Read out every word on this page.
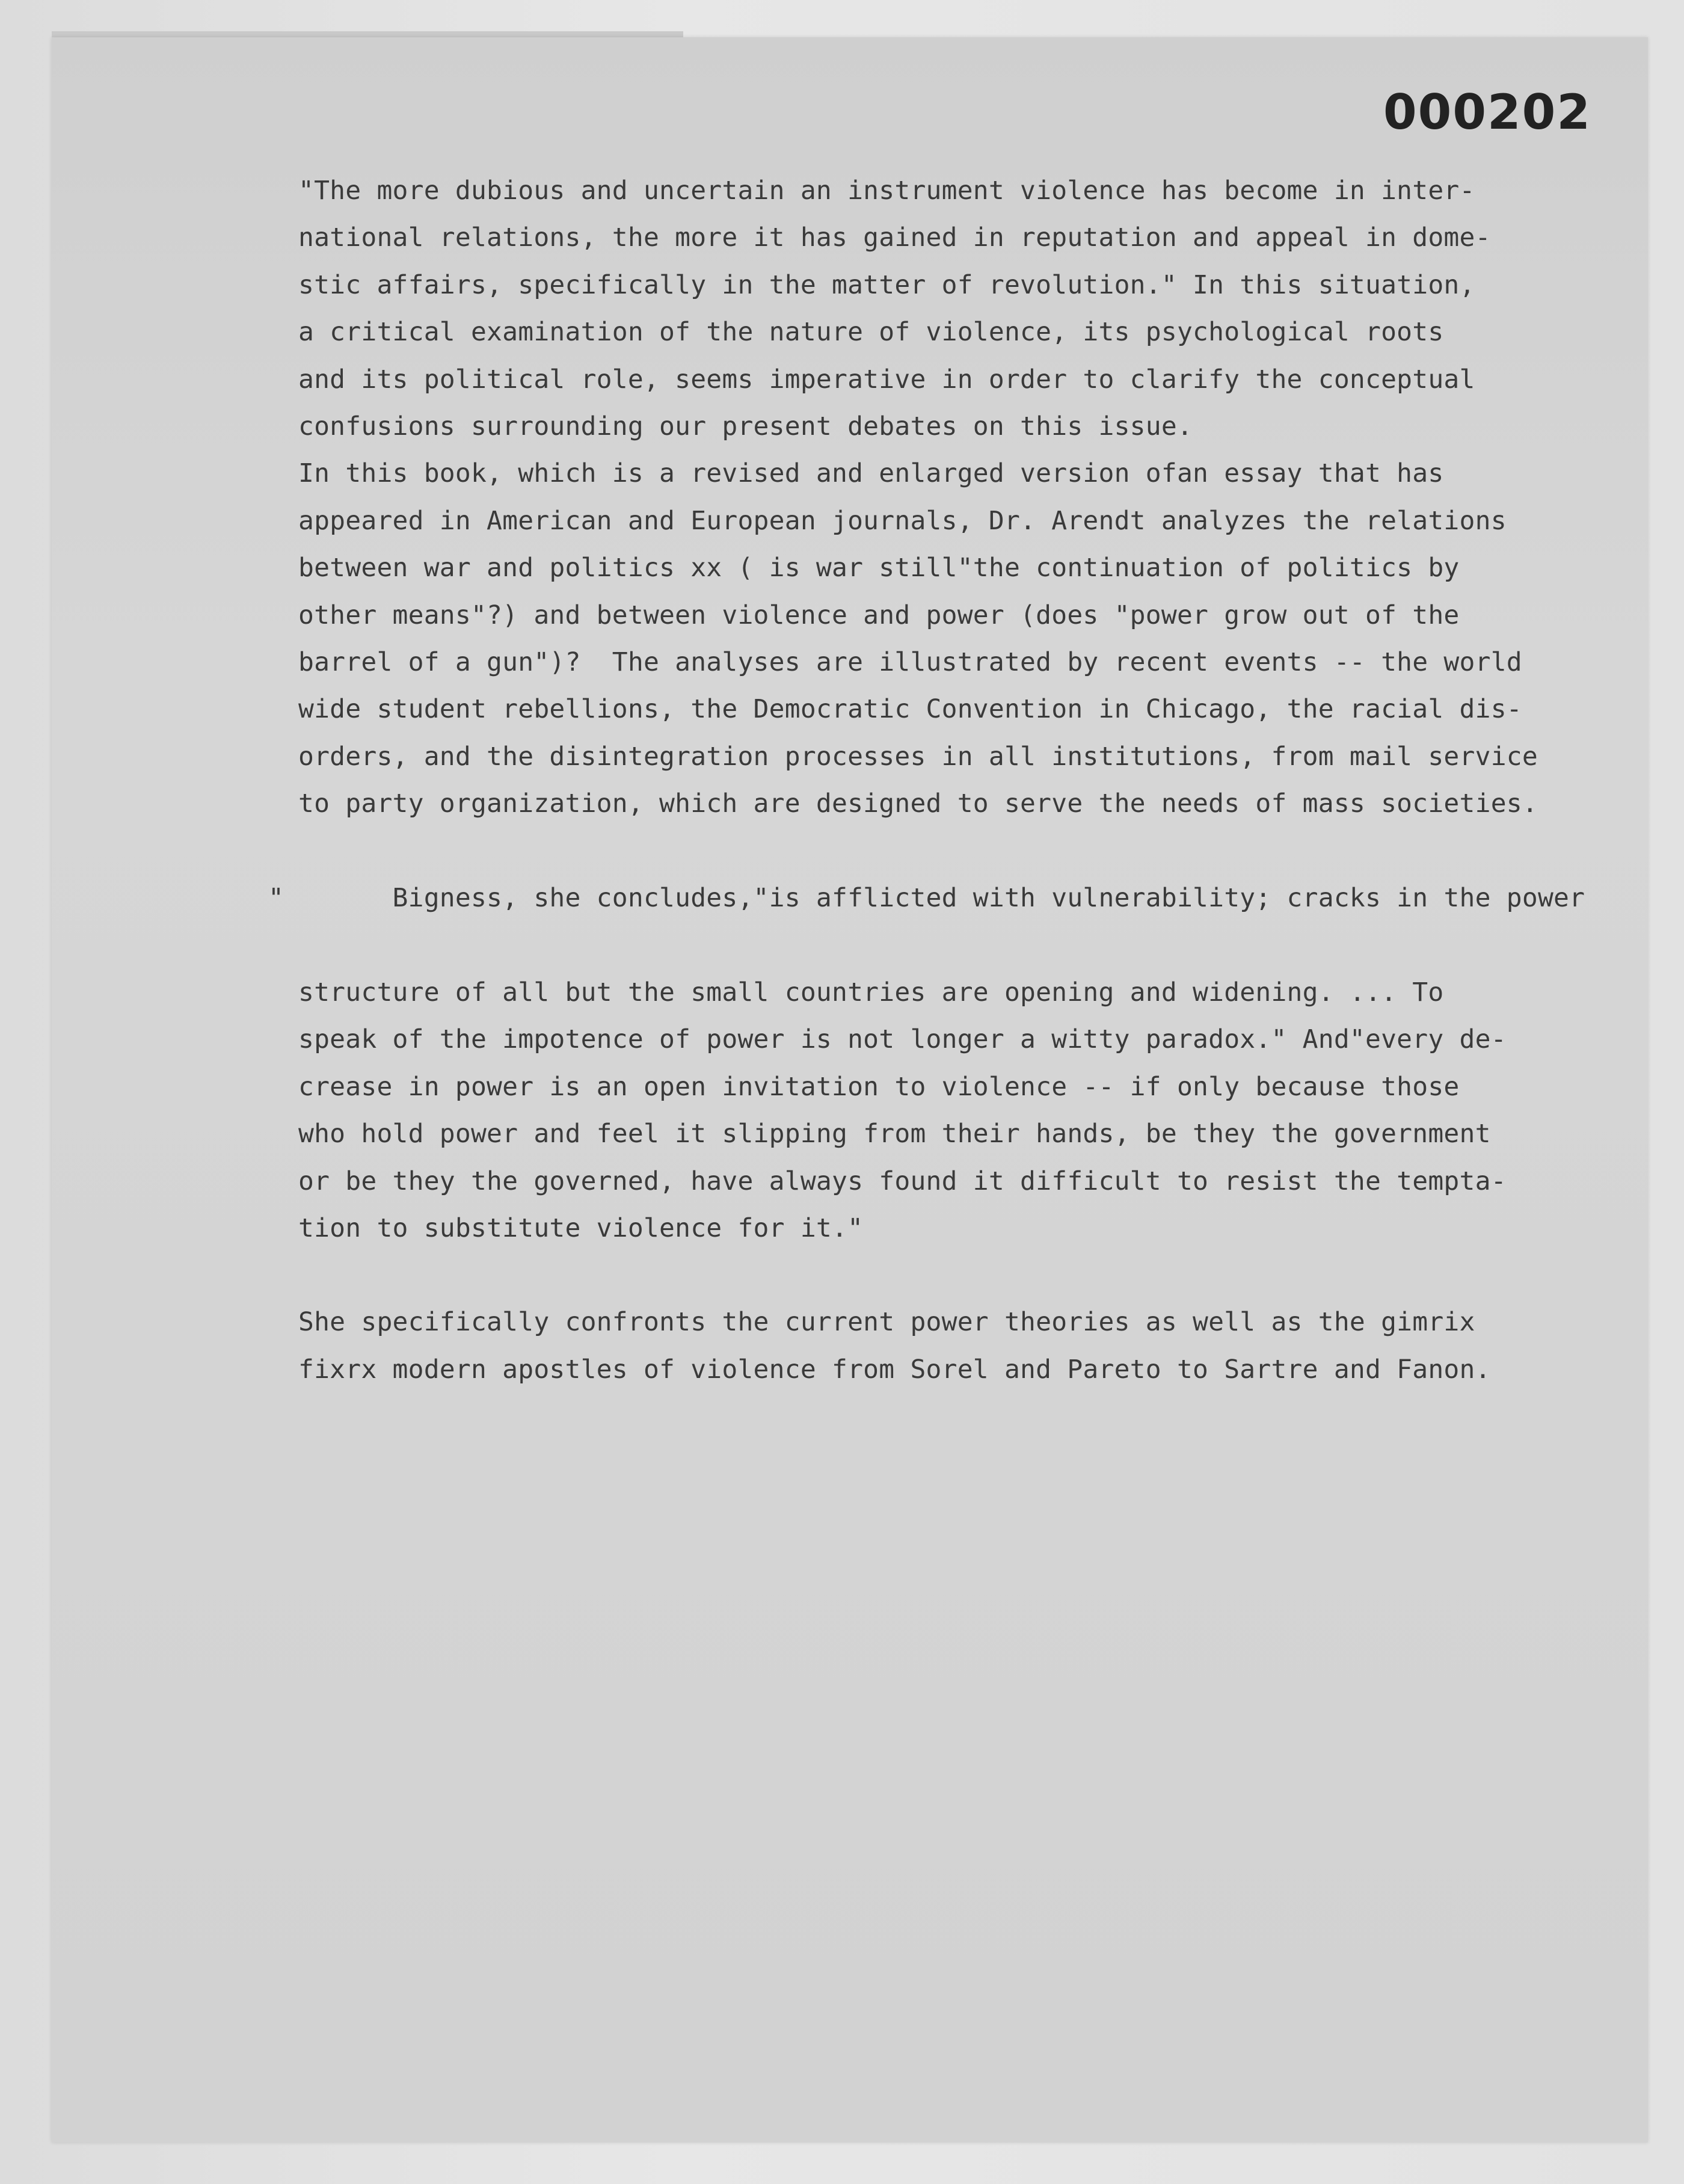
000202
"The more dubious and uncertain an instrument violence has become in inter-
national relations, the more it has gained in reputation and appeal in dome-
stic affairs, specifically in the matter of revolution." In this situation,
a critical examination of the nature of violence, its psychological roots
and its political role, seems imperative in order to clarify the conceptual
confusions surrounding our present debates on this issue.
In this book, which is a revised and enlarged version ofan essay that has
appeared in American and European journals, Dr. Arendt analyzes the relations
between war and politics xx ( is war still"the continuation of politics by
other means"?) and between violence and power (does "power grow out of the
barrel of a gun")?  The analyses are illustrated by recent events -- the world
wide student rebellions, the Democratic Convention in Chicago, the racial dis-
orders, and the disintegration processes in all institutions, from mail service
to party organization, which are designed to serve the needs of mass societies.

"	Bigness, she concludes,"is afflicted with vulnerability; cracks in the power

structure of all but the small countries are opening and widening. ... To
speak of the impotence of power is not longer a witty paradox." And"every de-
crease in power is an open invitation to violence -- if only because those
who hold power and feel it slipping from their hands, be they the government
or be they the governed, have always found it difficult to resist the tempta-
tion to substitute violence for it."
She specifically confronts the current power theories as well as the gimrix
fixrx modern apostles of violence from Sorel and Pareto to Sartre and Fanon.
